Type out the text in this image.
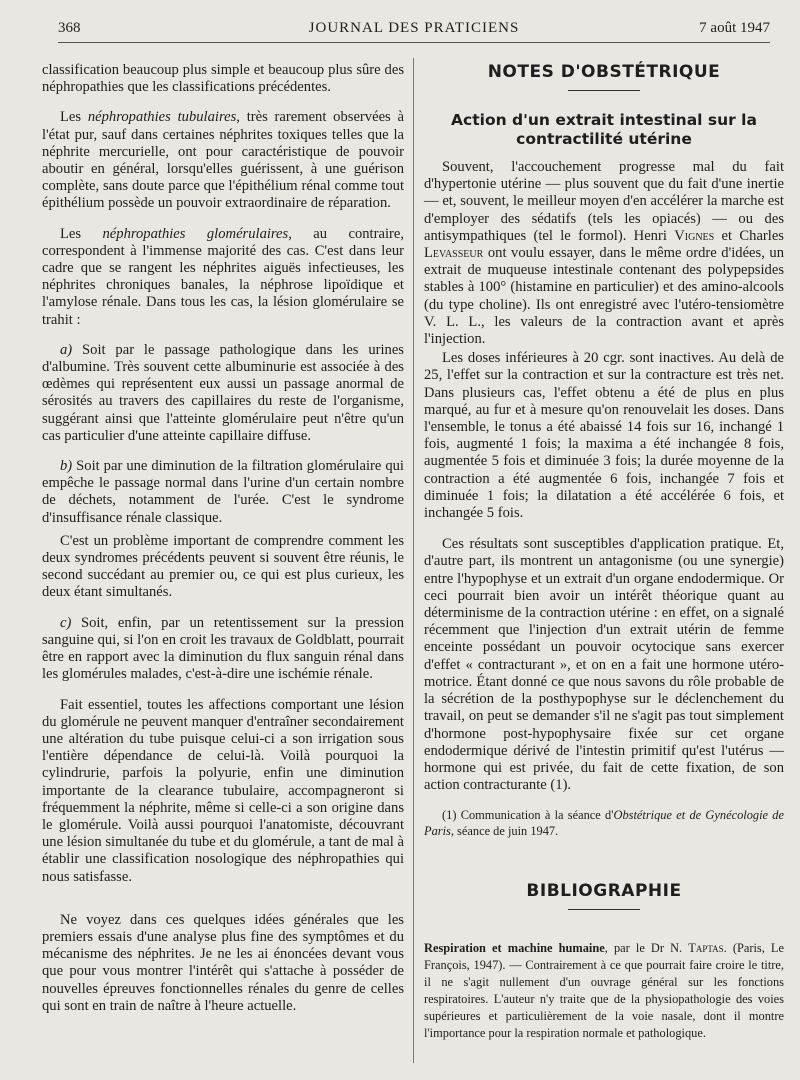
368	JOURNAL DES PRATICIENS	7 août 1947

classification beaucoup plus simple et beaucoup plus sûre des néphropathies que les classifications précédentes.

Les néphropathies tubulaires, très rarement observées à l'état pur, sauf dans certaines néphrites toxiques telles que la néphrite mercurielle, ont pour caractéristique de pouvoir aboutir en général, lorsqu'elles guérissent, à une guérison complète, sans doute parce que l'épithélium rénal comme tout épithélium possède un pouvoir extraordinaire de réparation.

Les néphropathies glomérulaires, au contraire, correspondent à l'immense majorité des cas. C'est dans leur cadre que se rangent les néphrites aiguës infectieuses, les néphrites chroniques banales, la néphrose lipoïdique et l'amylose rénale. Dans tous les cas, la lésion glomérulaire se trahit :

a) Soit par le passage pathologique dans les urines d'albumine. Très souvent cette albuminurie est associée à des œdèmes qui représentent eux aussi un passage anormal de sérosités au travers des capillaires du reste de l'organisme, suggérant ainsi que l'atteinte glomérulaire peut n'être qu'un cas particulier d'une atteinte capillaire diffuse.

b) Soit par une diminution de la filtration glomérulaire qui empêche le passage normal dans l'urine d'un certain nombre de déchets, notamment de l'urée. C'est le syndrome d'insuffisance rénale classique.

C'est un problème important de comprendre comment les deux syndromes précédents peuvent si souvent être réunis, le second succédant au premier ou, ce qui est plus curieux, les deux étant simultanés.

c) Soit, enfin, par un retentissement sur la pression sanguine qui, si l'on en croit les travaux de Goldblatt, pourrait être en rapport avec la diminution du flux sanguin rénal dans les glomérules malades, c'est-à-dire une ischémie rénale.

Fait essentiel, toutes les affections comportant une lésion du glomérule ne peuvent manquer d'entraîner secondairement une altération du tube puisque celui-ci a son irrigation sous l'entière dépendance de celui-là. Voilà pourquoi la cylindrurie, parfois la polyurie, enfin une diminution importante de la clearance tubulaire, accompagneront si fréquemment la néphrite, même si celle-ci a son origine dans le glomérule. Voilà aussi pourquoi l'anatomiste, découvrant une lésion simultanée du tube et du glomérule, a tant de mal à établir une classification nosologique des néphropathies qui nous satisfasse.

Ne voyez dans ces quelques idées générales que les premiers essais d'une analyse plus fine des symptômes et du mécanisme des néphrites. Je ne les ai énoncées devant vous que pour vous montrer l'intérêt qui s'attache à posséder de nouvelles épreuves fonctionnelles rénales du genre de celles qui sont en train de naître à l'heure actuelle.

NOTES D'OBSTÉTRIQUE
Action d'un extrait intestinal sur la contractilité utérine

Souvent, l'accouchement progresse mal du fait d'hypertonie utérine — plus souvent que du fait d'une inertie — et, souvent, le meilleur moyen d'en accélérer la marche est d'employer des sédatifs (tels les opiacés) — ou des antisympathiques (tel le formol). Henri Vignes et Charles Levasseur ont voulu essayer, dans le même ordre d'idées, un extrait de muqueuse intestinale contenant des polypepsides stables à 100° (histamine en particulier) et des amino-alcools (du type choline). Ils ont enregistré avec l'utéro-tensiomètre V. L. L., les valeurs de la contraction avant et après l'injection.

Les doses inférieures à 20 cgr. sont inactives. Au delà de 25, l'effet sur la contraction et sur la contracture est très net. Dans plusieurs cas, l'effet obtenu a été de plus en plus marqué, au fur et à mesure qu'on renouvelait les doses. Dans l'ensemble, le tonus a été abaissé 14 fois sur 16, inchangé 1 fois, augmenté 1 fois; la maxima a été inchangée 8 fois, augmentée 5 fois et diminuée 3 fois; la durée moyenne de la contraction a été augmentée 6 fois, inchangée 7 fois et diminuée 1 fois; la dilatation a été accélérée 6 fois, et inchangée 5 fois.

Ces résultats sont susceptibles d'application pratique. Et, d'autre part, ils montrent un antagonisme (ou une synergie) entre l'hypophyse et un extrait d'un organe endodermique. Or ceci pourrait bien avoir un intérêt théorique quant au déterminisme de la contraction utérine : en effet, on a signalé récemment que l'injection d'un extrait utérin de femme enceinte possédant un pouvoir ocytocique sans exercer d'effet « contracturant », et on en a fait une hormone utéro-motrice. Étant donné ce que nous savons du rôle probable de la sécrétion de la posthypophyse sur le déclenchement du travail, on peut se demander s'il ne s'agit pas tout simplement d'hormone post-hypophysaire fixée sur cet organe endodermique dérivé de l'intestin primitif qu'est l'utérus — hormone qui est privée, du fait de cette fixation, de son action contracturante (1).

(1) Communication à la séance d'Obstétrique et de Gynécologie de Paris, séance de juin 1947.
BIBLIOGRAPHIE
Respiration et machine humaine, par le Dr N. Taptas. (Paris, Le François, 1947). — Contrairement à ce que pourrait faire croire le titre, il ne s'agit nullement d'un ouvrage général sur les fonctions respiratoires. L'auteur n'y traite que de la physiopathologie des voies supérieures et particulièrement de la voie nasale, dont il montre l'importance pour la respiration normale et pathologique.
